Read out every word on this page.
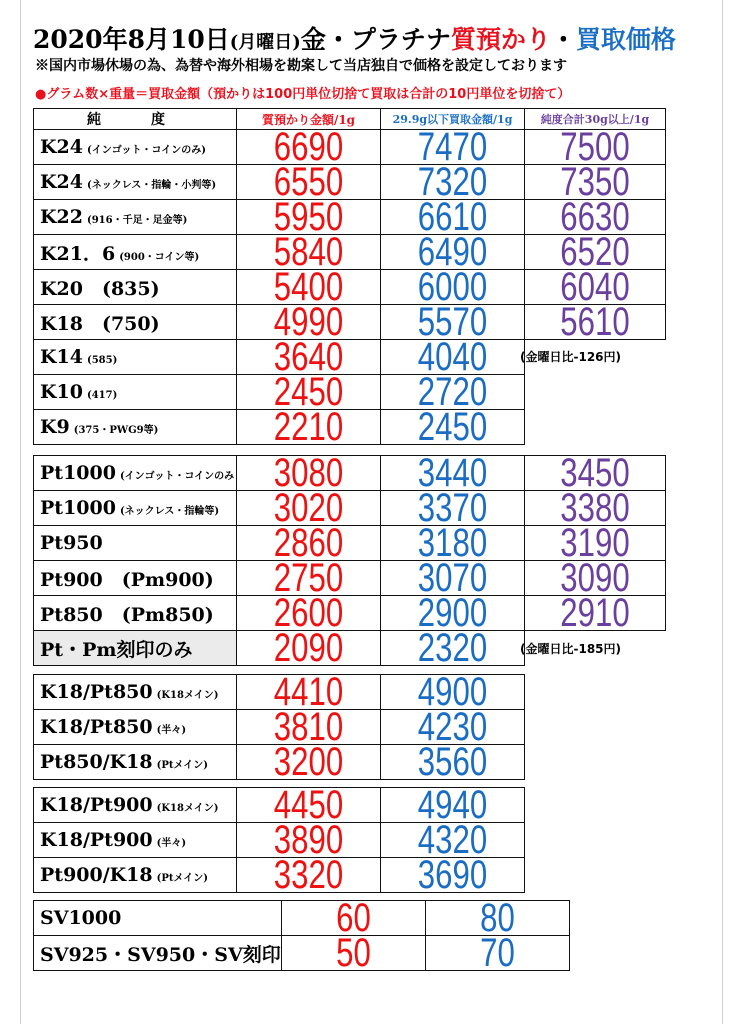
2020年8月10日(月曜日)金・プラチナ質預かり・買取価格
※国内市場休場の為、為替や海外相場を勘案して当店独自で価格を設定しております
●グラム数×重量＝買取金額（預かりは100円単位切捨て買取は合計の10円単位を切捨て）
純　度	質預かり金額/1g	29.9g以下買取金額/1g	純度合計30g以上/1g
K24 (インゴット・コインのみ)	6690	7470	7500

K24 (ネックレス・指輪・小判等)	6550	7320	7350

K22 (916・千足・足金等)	5950	6610	6630

K21．6 (900・コイン等)	5840	6490	6520

K20　(835)	5400	6000	6040

K18　(750)	4990	5570	5610

K14 (585)	3640	4040	

K10 (417)	2450	2720	

K9 (375・PWG9等)	2210	2450	

(金曜日比-126円)
Pt1000 (インゴット・コインのみ	3080	3440	3450

Pt1000 (ネックレス・指輪等)	3020	3370	3380

Pt950	2860	3180	3190

Pt900　(Pm900)	2750	3070	3090

Pt850　(Pm850)	2600	2900	2910

Pt・Pm刻印のみ	2090	2320	
		(金曜日比-185円)
K18/Pt850 (K18メイン)	4410	4900

K18/Pt850 (半々)	3810	4230

Pt850/K18 (Ptメイン)	3200	3560
K18/Pt900 (K18メイン)	4450	4940

K18/Pt900 (半々)	3890	4320

Pt900/K18 (Ptメイン)	3320	3690
SV1000	60	80

SV925・SV950・SV刻印	50	70
